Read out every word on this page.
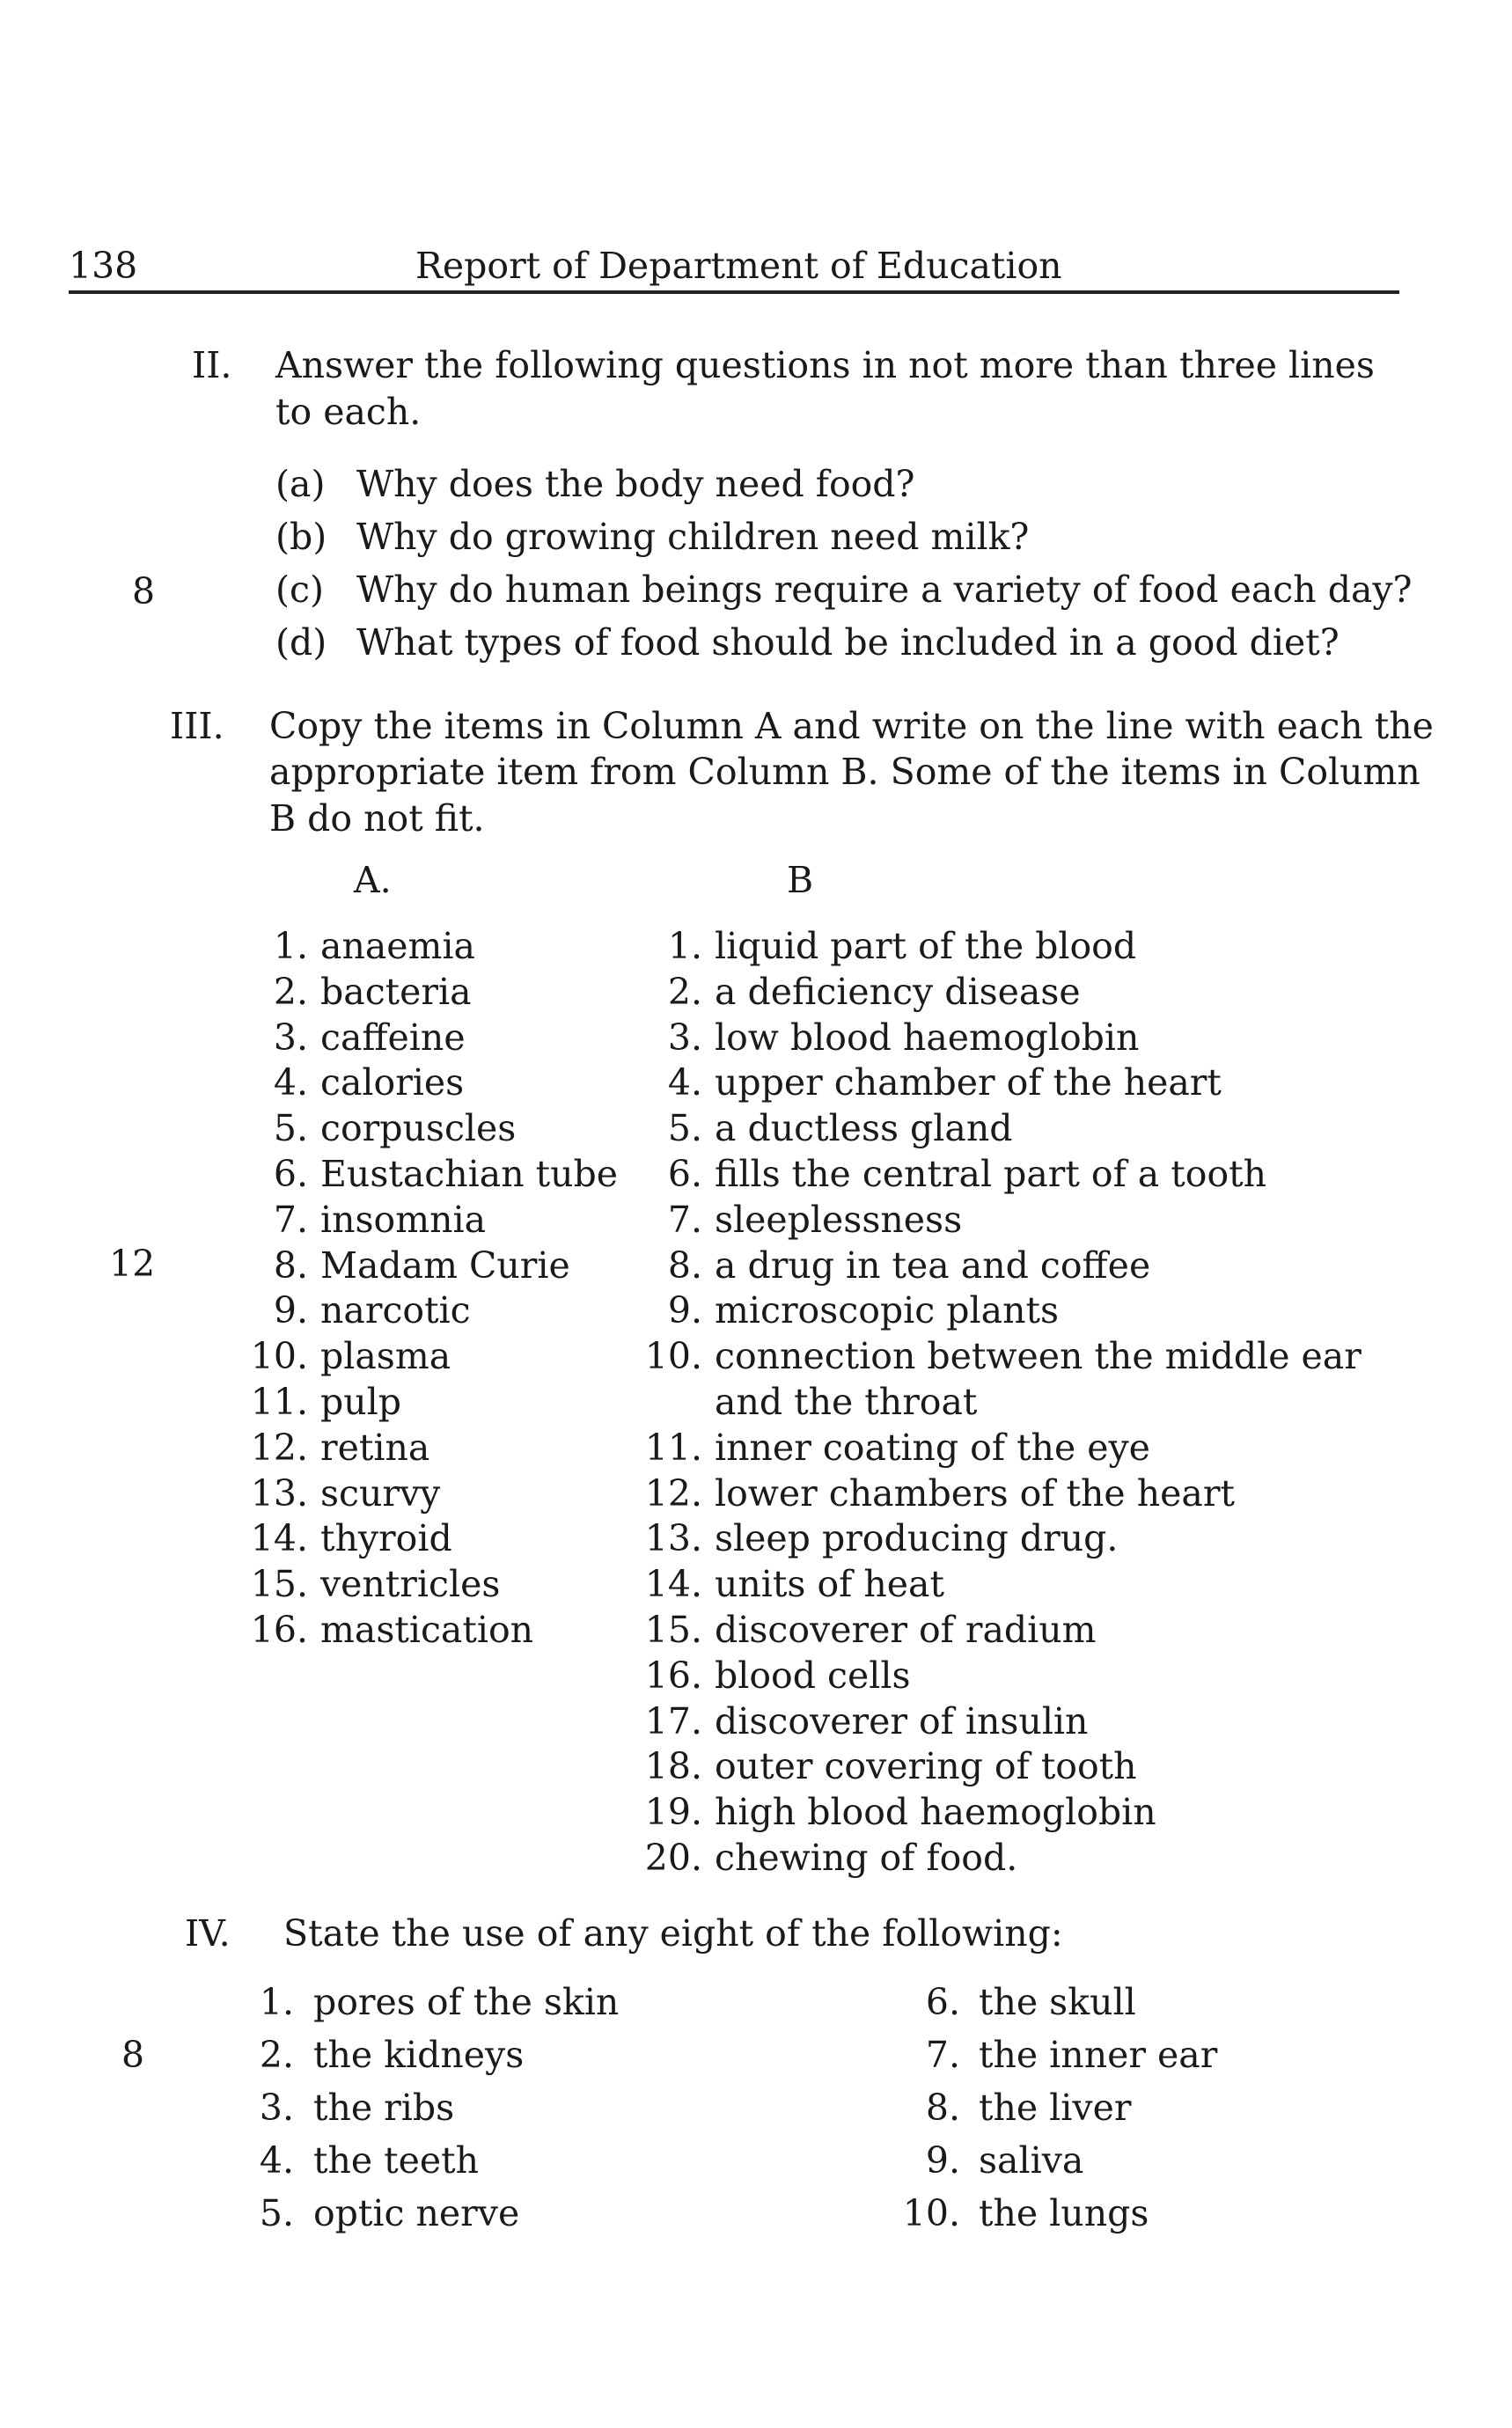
138	Report of Department of Education
II. Answer the following questions in not more than three lines
to each.
8
(a) Why does the body need food?
(b) Why do growing children need milk?
(c) Why do human beings require a variety of food each day?
(d) What types of food should be included in a good diet?
III. Copy the items in Column A and write on the line with each the
appropriate item from Column B. Some of the items in Column
B do not fit.
12
A.	B
1. anaemia
2. bacteria
3. caffeine
4. calories
5. corpuscles
6. Eustachian tube
7. insomnia
8. Madam Curie
9. narcotic
10. plasma
11. pulp
12. retina
13. scurvy
14. thyroid
15. ventricles
16. mastication
1. liquid part of the blood
2. a deficiency disease
3. low blood haemoglobin
4. upper chamber of the heart
5. a ductless gland
6. fills the central part of a tooth
7. sleeplessness
8. a drug in tea and coffee
9. microscopic plants
10. connection between the middle ear
and the throat
11. inner coating of the eye
12. lower chambers of the heart
13. sleep producing drug.
14. units of heat
15. discoverer of radium
16. blood cells
17. discoverer of insulin
18. outer covering of tooth
19. high blood haemoglobin
20. chewing of food.
IV. State the use of any eight of the following:
8
1. pores of the skin
2. the kidneys
3. the ribs
4. the teeth
5. optic nerve
6. the skull
7. the inner ear
8. the liver
9. saliva
10. the lungs
